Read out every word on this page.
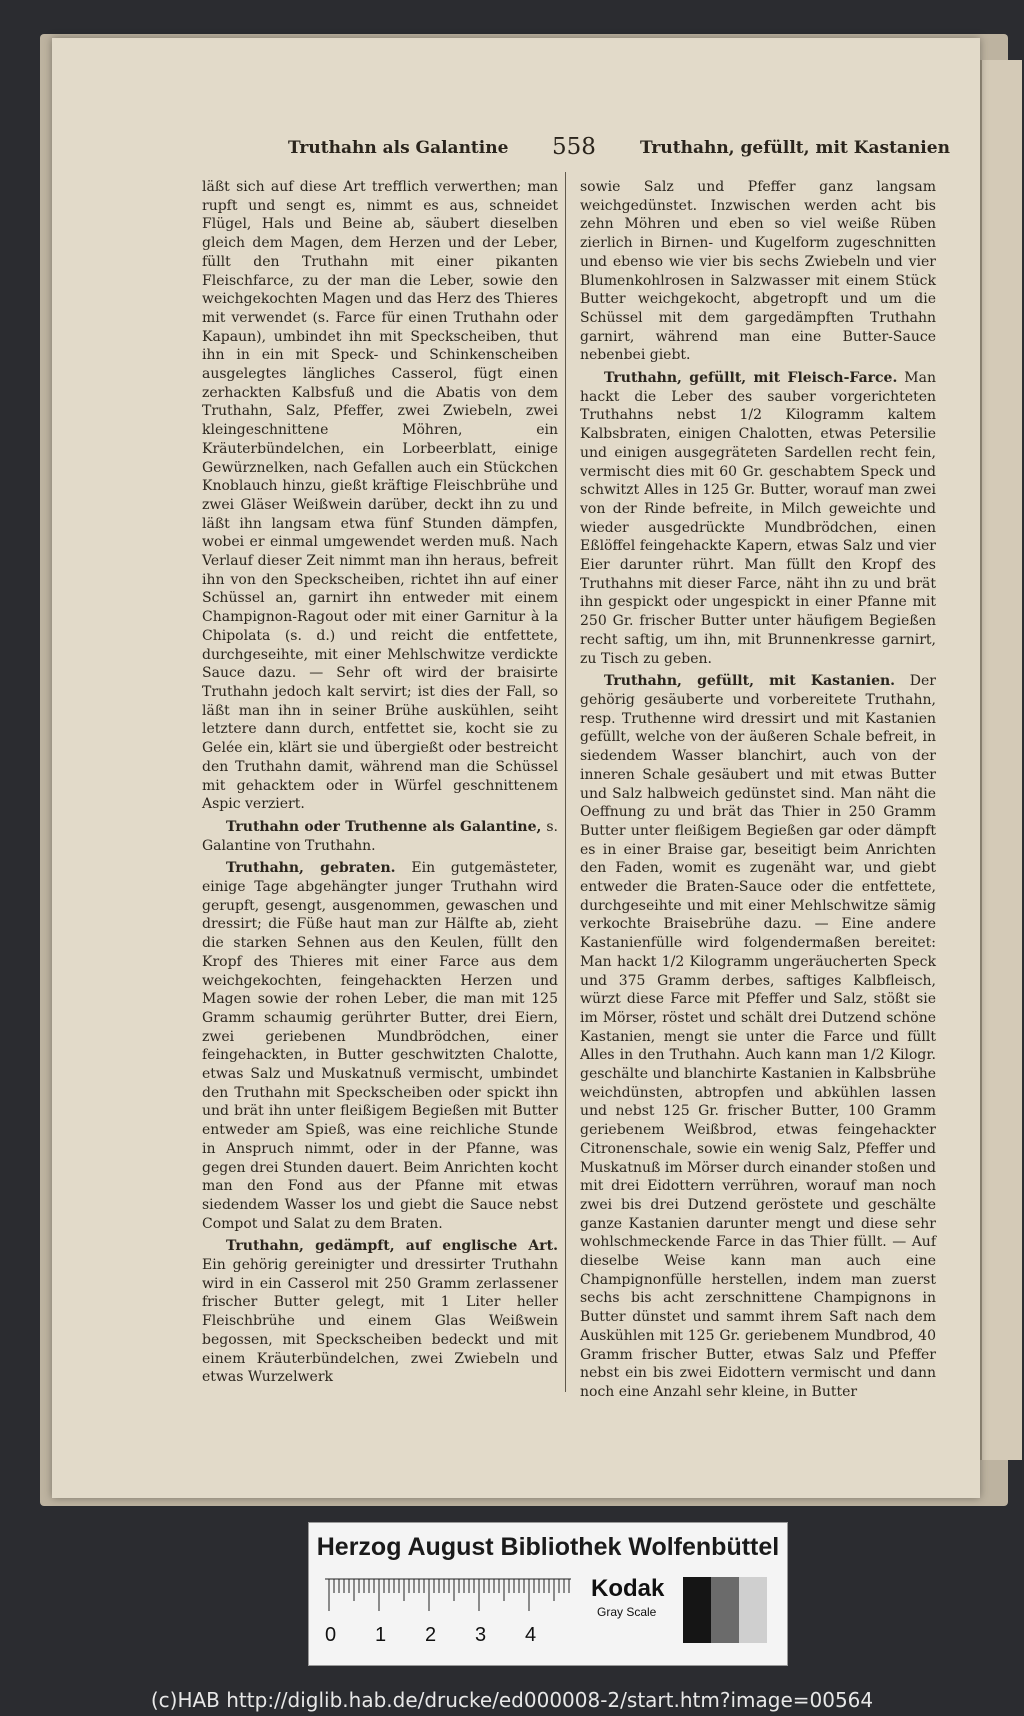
Truthahn als Galantine 558	Truthahn, gefüllt, mit Kastanien

läßt sich auf diese Art trefflich verwerthen; man rupft und sengt es, nimmt es aus, schneidet Flügel, Hals und Beine ab, säubert dieselben gleich dem Magen, dem Herzen und der Leber, füllt den Truthahn mit einer pikanten Fleischfarce, zu der man die Leber, sowie den weichgekochten Magen und das Herz des Thieres mit verwendet (s. Farce für einen Truthahn oder Kapaun), umbindet ihn mit Speckscheiben, thut ihn in ein mit Speck- und Schinkenscheiben ausgelegtes längliches Casserol, fügt einen zerhackten Kalbsfuß und die Abatis von dem Truthahn, Salz, Pfeffer, zwei Zwiebeln, zwei kleingeschnittene Möhren, ein Kräuterbündelchen, ein Lorbeerblatt, einige Gewürznelken, nach Gefallen auch ein Stückchen Knoblauch hinzu, gießt kräftige Fleischbrühe und zwei Gläser Weißwein darüber, deckt ihn zu und läßt ihn langsam etwa fünf Stunden dämpfen, wobei er einmal umgewendet werden muß. Nach Verlauf dieser Zeit nimmt man ihn heraus, befreit ihn von den Speckscheiben, richtet ihn auf einer Schüssel an, garnirt ihn entweder mit einem Champignon-Ragout oder mit einer Garnitur à la Chipolata (s. d.) und reicht die entfettete, durchgeseihte, mit einer Mehlschwitze verdickte Sauce dazu. — Sehr oft wird der braisirte Truthahn jedoch kalt servirt; ist dies der Fall, so läßt man ihn in seiner Brühe auskühlen, seiht letztere dann durch, entfettet sie, kocht sie zu Gelée ein, klärt sie und übergießt oder bestreicht den Truthahn damit, während man die Schüssel mit gehacktem oder in Würfel geschnittenem Aspic verziert.

Truthahn oder Truthenne als Galantine, s. Galantine von Truthahn.

Truthahn, gebraten. Ein gutgemästeter, einige Tage abgehängter junger Truthahn wird gerupft, gesengt, ausgenommen, gewaschen und dressirt; die Füße haut man zur Hälfte ab, zieht die starken Sehnen aus den Keulen, füllt den Kropf des Thieres mit einer Farce aus dem weichgekochten, feingehackten Herzen und Magen sowie der rohen Leber, die man mit 125 Gramm schaumig gerührter Butter, drei Eiern, zwei geriebenen Mundbrödchen, einer feingehackten, in Butter geschwitzten Chalotte, etwas Salz und Muskatnuß vermischt, umbindet den Truthahn mit Speckscheiben oder spickt ihn und brät ihn unter fleißigem Begießen mit Butter entweder am Spieß, was eine reichliche Stunde in Anspruch nimmt, oder in der Pfanne, was gegen drei Stunden dauert. Beim Anrichten kocht man den Fond aus der Pfanne mit etwas siedendem Wasser los und giebt die Sauce nebst Compot und Salat zu dem Braten.

Truthahn, gedämpft, auf englische Art. Ein gehörig gereinigter und dressirter Truthahn wird in ein Casserol mit 250 Gramm zerlassener frischer Butter gelegt, mit 1 Liter heller Fleischbrühe und einem Glas Weißwein begossen, mit Speckscheiben bedeckt und mit einem Kräuterbündelchen, zwei Zwiebeln und etwas Wurzelwerk

sowie Salz und Pfeffer ganz langsam weichgedünstet. Inzwischen werden acht bis zehn Möhren und eben so viel weiße Rüben zierlich in Birnen- und Kugelform zugeschnitten und ebenso wie vier bis sechs Zwiebeln und vier Blumenkohlrosen in Salzwasser mit einem Stück Butter weichgekocht, abgetropft und um die Schüssel mit dem gargedämpften Truthahn garnirt, während man eine Butter-Sauce nebenbei giebt.

Truthahn, gefüllt, mit Fleisch-Farce. Man hackt die Leber des sauber vorgerichteten Truthahns nebst 1/2 Kilogramm kaltem Kalbsbraten, einigen Chalotten, etwas Petersilie und einigen ausgegräteten Sardellen recht fein, vermischt dies mit 60 Gr. geschabtem Speck und schwitzt Alles in 125 Gr. Butter, worauf man zwei von der Rinde befreite, in Milch geweichte und wieder ausgedrückte Mundbrödchen, einen Eßlöffel feingehackte Kapern, etwas Salz und vier Eier darunter rührt. Man füllt den Kropf des Truthahns mit dieser Farce, näht ihn zu und brät ihn gespickt oder ungespickt in einer Pfanne mit 250 Gr. frischer Butter unter häufigem Begießen recht saftig, um ihn, mit Brunnenkresse garnirt, zu Tisch zu geben.

Truthahn, gefüllt, mit Kastanien. Der gehörig gesäuberte und vorbereitete Truthahn, resp. Truthenne wird dressirt und mit Kastanien gefüllt, welche von der äußeren Schale befreit, in siedendem Wasser blanchirt, auch von der inneren Schale gesäubert und mit etwas Butter und Salz halbweich gedünstet sind. Man näht die Oeffnung zu und brät das Thier in 250 Gramm Butter unter fleißigem Begießen gar oder dämpft es in einer Braise gar, beseitigt beim Anrichten den Faden, womit es zugenäht war, und giebt entweder die Braten-Sauce oder die entfettete, durchgeseihte und mit einer Mehlschwitze sämig verkochte Braisebrühe dazu. — Eine andere Kastanienfülle wird folgendermaßen bereitet: Man hackt 1/2 Kilogramm ungeräucherten Speck und 375 Gramm derbes, saftiges Kalbfleisch, würzt diese Farce mit Pfeffer und Salz, stößt sie im Mörser, röstet und schält drei Dutzend schöne Kastanien, mengt sie unter die Farce und füllt Alles in den Truthahn. Auch kann man 1/2 Kilogr. geschälte und blanchirte Kastanien in Kalbsbrühe weichdünsten, abtropfen und abkühlen lassen und nebst 125 Gr. frischer Butter, 100 Gramm geriebenem Weißbrod, etwas feingehackter Citronenschale, sowie ein wenig Salz, Pfeffer und Muskatnuß im Mörser durch einander stoßen und mit drei Eidottern verrühren, worauf man noch zwei bis drei Dutzend geröstete und geschälte ganze Kastanien darunter mengt und diese sehr wohlschmeckende Farce in das Thier füllt. — Auf dieselbe Weise kann man auch eine Champignonfülle herstellen, indem man zuerst sechs bis acht zerschnittene Champignons in Butter dünstet und sammt ihrem Saft nach dem Auskühlen mit 125 Gr. geriebenem Mundbrod, 40 Gramm frischer Butter, etwas Salz und Pfeffer nebst ein bis zwei Eidottern vermischt und dann noch eine Anzahl sehr kleine, in Butter

Herzog August Bibliothek Wolfenbüttel
0 1 2 3 4
Kodak
Gray Scale
(c)HAB http://diglib.hab.de/drucke/ed000008-2/start.htm?image=00564
